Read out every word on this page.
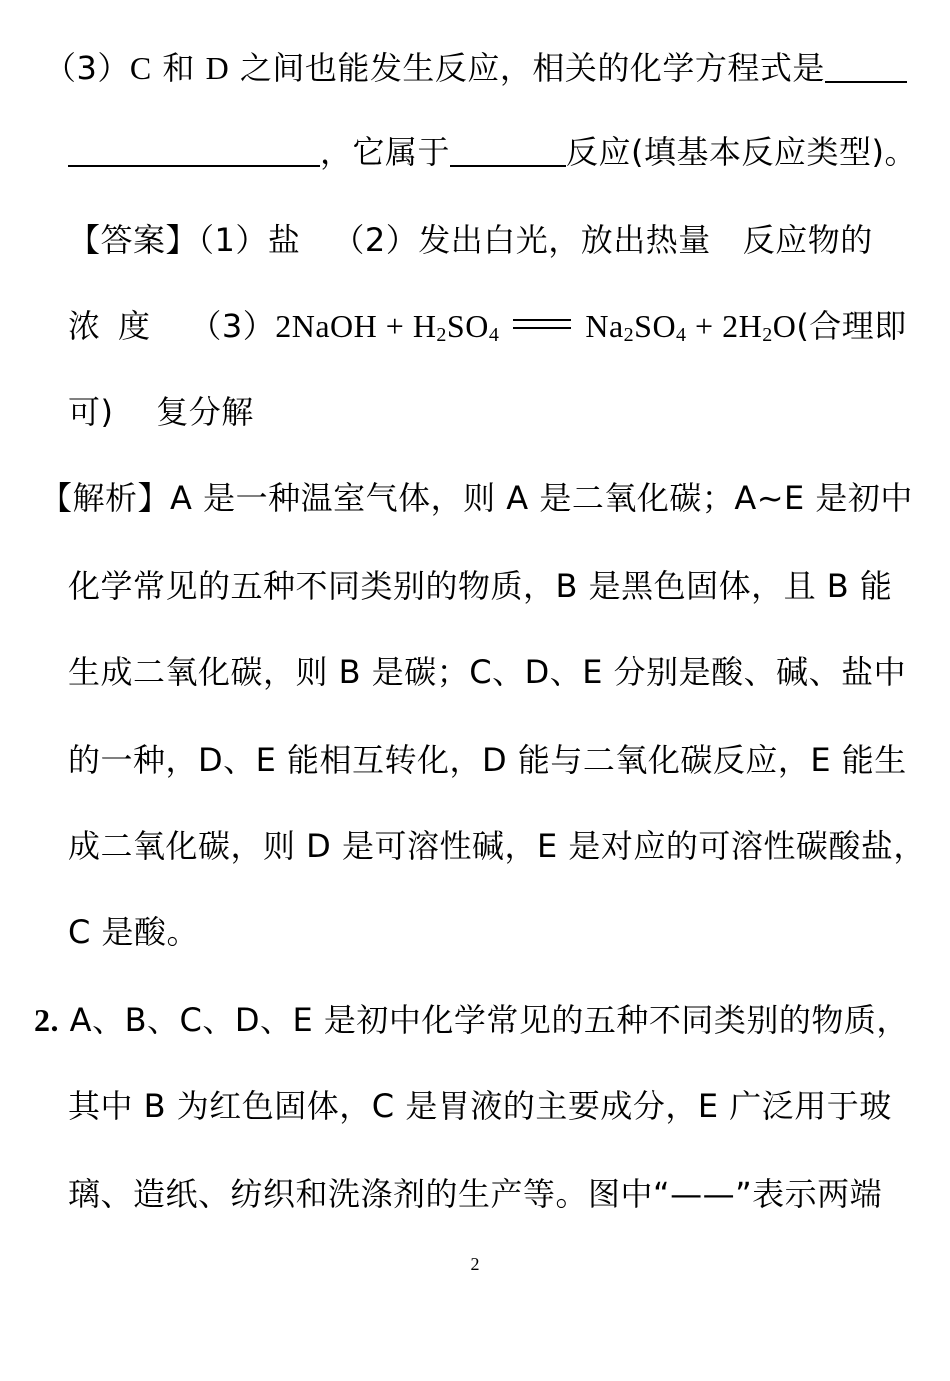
（3）C 和 D 之间也能发生反应，相关的化学方程式是
，它属于	反应(填基本反应类型)。
【答案】（1）盐 （2）发出白光，放出热量 反应物的
浓度 （3）2NaOH + $H_2SO_4$	$Na_2SO_4 + 2H_2O$(合理即
可) 复分解
【解析】A 是一种温室气体，则 A 是二氧化碳；A~E 是初中
化学常见的五种不同类别的物质，B 是黑色固体，且 B 能
生成二氧化碳，则 B 是碳；C、D、E 分别是酸、碱、盐中
的一种，D、E 能相互转化，D 能与二氧化碳反应，E 能生
成二氧化碳，则 D 是可溶性碱，E 是对应的可溶性碳酸盐，
C 是酸。
2. A、B、C、D、E 是初中化学常见的五种不同类别的物质，
其中 B 为红色固体，C 是胃液的主要成分，E 广泛用于玻
璃、造纸、纺织和洗涤剂的生产等。图中“——”表示两端
2
